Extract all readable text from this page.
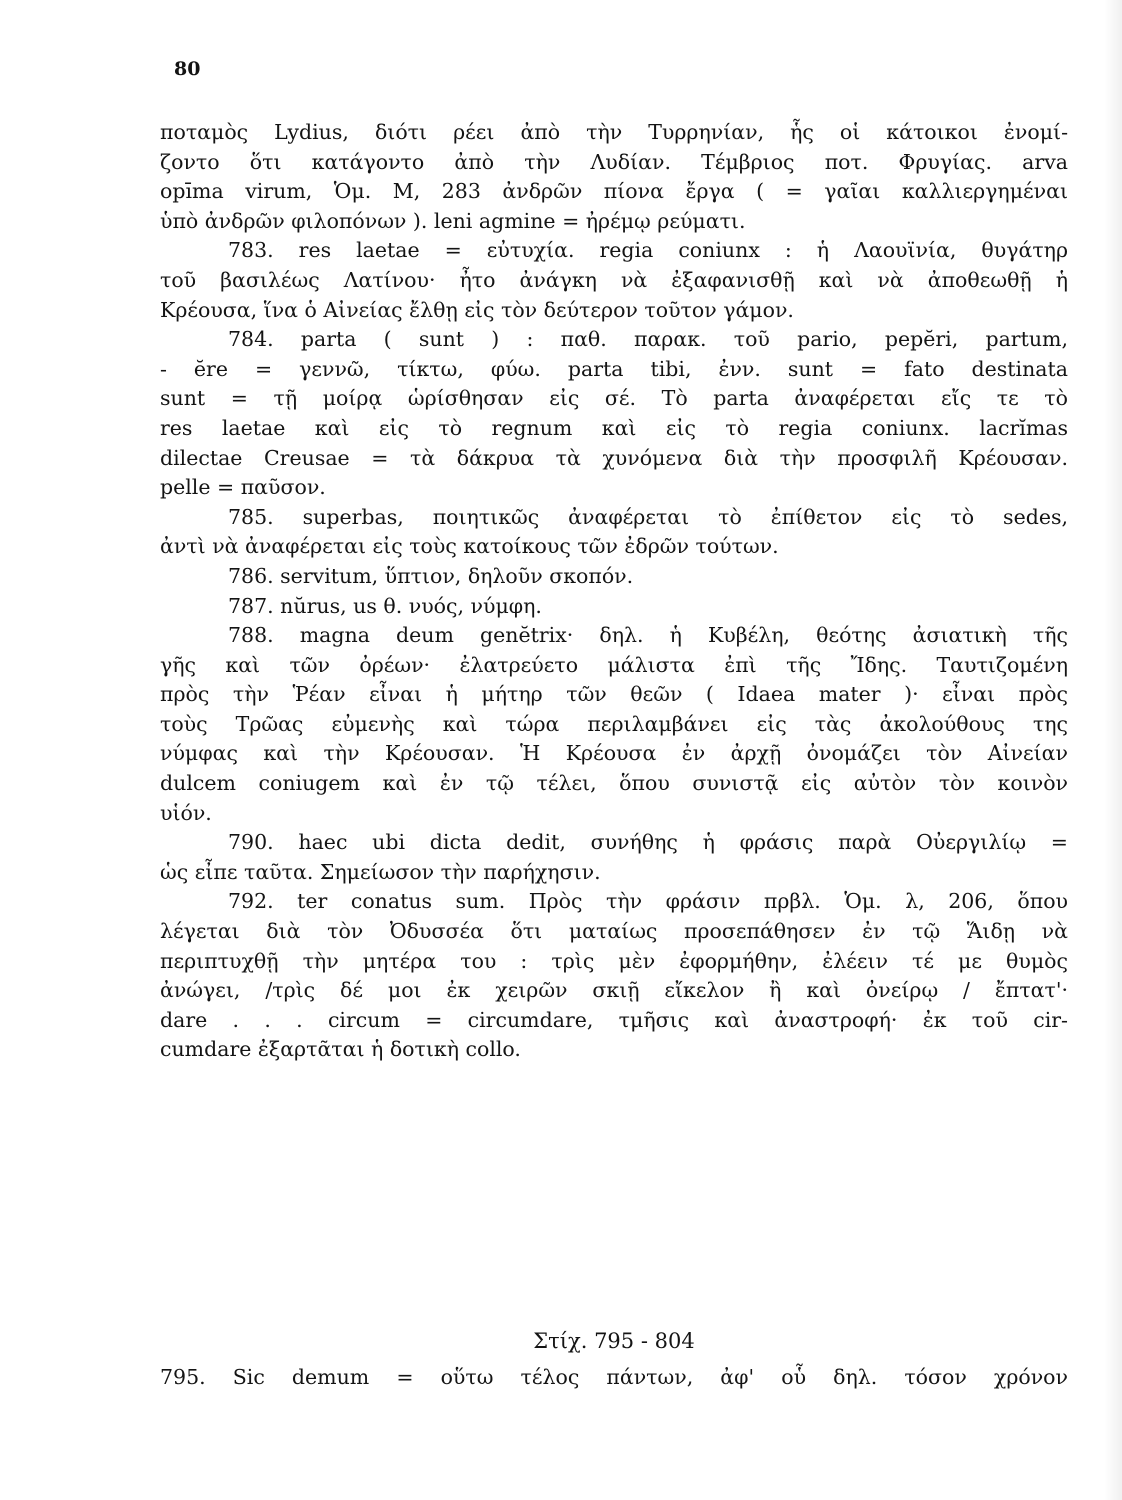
80
ποταμὸς Lydius, διότι ρέει ἀπὸ τὴν Τυρρηνίαν, ἧς οἱ κάτοικοι ἐνομί-
ζοντο ὅτι κατάγοντο ἀπὸ τὴν Λυδίαν. Τέμβριος ποτ. Φρυγίας. arva
opīma virum, Ὁμ. Μ, 283 ἀνδρῶν πίονα ἔργα ( = γαῖαι καλλιεργημέναι
ὑπὸ ἀνδρῶν φιλοπόνων ). leni agmine = ἠρέμῳ ρεύματι.
783. res laetae = εὐτυχία. regia coniunx : ἡ Λαουϊνία, θυγάτηρ
τοῦ βασιλέως Λατίνου· ἦτο ἀνάγκη νὰ ἐξαφανισθῇ καὶ νὰ ἀποθεωθῇ ἡ
Κρέουσα, ἵνα ὁ Αἰνείας ἔλθῃ εἰς τὸν δεύτερον τοῦτον γάμον.
784. parta ( sunt ) : παθ. παρακ. τοῦ pario, pepĕri, partum,
- ĕre = γεννῶ, τίκτω, φύω. parta tibi, ἐνν. sunt = fato destinata
sunt = τῇ μοίρᾳ ὡρίσθησαν εἰς σέ. Τὸ parta ἀναφέρεται εἴς τε τὸ
res laetae καὶ εἰς τὸ regnum καὶ εἰς τὸ regia coniunx. lacrĭmas
dilectae Creusae = τὰ δάκρυα τὰ χυνόμενα διὰ τὴν προσφιλῆ Κρέουσαν.
pelle = παῦσον.
785. superbas, ποιητικῶς ἀναφέρεται τὸ ἐπίθετον εἰς τὸ sedes,
ἀντὶ νὰ ἀναφέρεται εἰς τοὺς κατοίκους τῶν ἐδρῶν τούτων.
786. servitum, ὕπτιον, δηλοῦν σκοπόν.
787. nŭrus, us θ. νυός, νύμφη.
788. magna deum genĕtrix· δηλ. ἡ Κυβέλη, θεότης ἀσιατικὴ τῆς
γῆς καὶ τῶν ὀρέων· ἐλατρεύετο μάλιστα ἐπὶ τῆς Ἴδης. Ταυτιζομένη
πρὸς τὴν Ῥέαν εἶναι ἡ μήτηρ τῶν θεῶν ( Idaea mater )· εἶναι πρὸς
τοὺς Τρῶας εὐμενὴς καὶ τώρα περιλαμβάνει εἰς τὰς ἀκολούθους της
νύμφας καὶ τὴν Κρέουσαν. Ἡ Κρέουσα ἐν ἀρχῇ ὀνομάζει τὸν Αἰνείαν
dulcem coniugem καὶ ἐν τῷ τέλει, ὅπου συνιστᾷ εἰς αὐτὸν τὸν κοινὸν
υἱόν.
790. haec ubi dicta dedit, συνήθης ἡ φράσις παρὰ Οὐεργιλίῳ =
ὡς εἶπε ταῦτα. Σημείωσον τὴν παρήχησιν.
792. ter conatus sum. Πρὸς τὴν φράσιν πρβλ. Ὁμ. λ, 206, ὅπου
λέγεται διὰ τὸν Ὀδυσσέα ὅτι ματαίως προσεπάθησεν ἐν τῷ Ἅιδῃ νὰ
περιπτυχθῇ τὴν μητέρα του : τρὶς μὲν ἐφορμήθην, ἐλέειν τέ με θυμὸς
ἀνώγει, /τρὶς δέ μοι ἐκ χειρῶν σκιῇ εἴκελον ἢ καὶ ὀνείρῳ / ἔπτατ'·
dare . . . circum = circumdare, τμῆσις καὶ ἀναστροφή· ἐκ τοῦ cir-
cumdare ἐξαρτᾶται ἡ δοτικὴ collo.
Στίχ. 795 - 804
795. Sic demum = οὕτω τέλος πάντων, ἀφ' οὗ δηλ. τόσον χρόνον
